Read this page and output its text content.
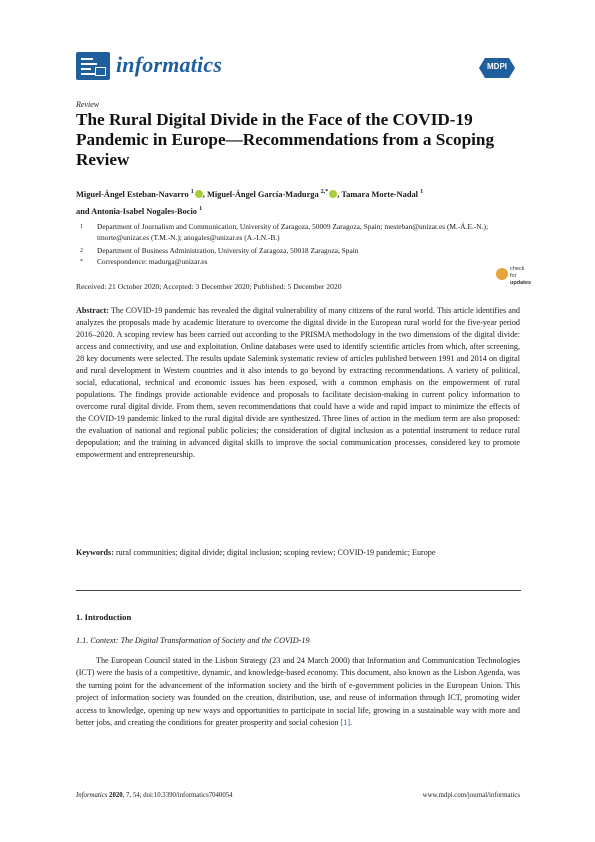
informatics	MDPI
Review
The Rural Digital Divide in the Face of the COVID-19 Pandemic in Europe—Recommendations from a Scoping Review
Miguel-Ángel Esteban-Navarro $^1$ , Miguel-Ángel García-Madurga $^{2,*}$ , Tamara Morte-Nadal $^1$
and Antonia-Isabel Nogales-Bocio $^1$
1 Department of Journalism and Communication, University of Zaragoza, 50009 Zaragoza, Spain; mesteban@unizar.es (M.-Á.E.-N.); tmorte@unizar.es (T.M.-N.); anogales@unizar.es (A.-I.N.-B.)
2 Department of Business Administration, University of Zaragoza, 50018 Zaragoza, Spain
* Correspondence: madurga@unizar.es
Received: 21 October 2020; Accepted: 3 December 2020; Published: 5 December 2020
check for
updates
Abstract: The COVID-19 pandemic has revealed the digital vulnerability of many citizens of the rural world. This article identifies and analyzes the proposals made by academic literature to overcome the digital divide in the European rural world for the five-year period 2016–2020. A scoping review has been carried out according to the PRISMA methodology in the two dimensions of the digital divide: access and connectivity, and use and exploitation. Online databases were used to identify scientific articles from which, after screening, 28 key documents were selected. The results update Salemink systematic review of articles published between 1991 and 2014 on digital and rural development in Western countries and it also intends to go beyond by extracting recommendations. A variety of political, social, educational, technical and economic issues has been exposed, with a common emphasis on the empowerment of rural populations. The findings provide actionable evidence and proposals to facilitate decision-making in current policy information to overcome rural digital divide. From them, seven recommendations that could have a wide and rapid impact to minimize the effects of the COVID-19 pandemic linked to the rural digital divide are synthesized. Three lines of action in the medium term are also proposed: the evaluation of national and regional public policies; the consideration of digital inclusion as a potential instrument to reduce rural depopulation; and the training in advanced digital skills to improve the social communication processes, considered key to promote empowerment and entrepreneurship.
Keywords: rural communities; digital divide; digital inclusion; scoping review; COVID-19 pandemic; Europe
1. Introduction
1.1. Context: The Digital Transformation of Society and the COVID-19
The European Council stated in the Lisbon Strategy (23 and 24 March 2000) that Information and Communication Technologies (ICT) were the basis of a competitive, dynamic, and knowledge-based economy. This document, also known as the Lisbon Agenda, was the turning point for the advancement of the information society and the birth of e-government policies in the European Union. This project of information society was founded on the creation, distribution, use, and reuse of information through ICT, promoting wider access to knowledge, opening up new ways and opportunities to participate in social life, growing in a sustainable way with more and better jobs, and creating the conditions for greater prosperity and social cohesion [1].
Informatics 2020, 7, 54; doi:10.3390/informatics7040054	www.mdpi.com/journal/informatics
